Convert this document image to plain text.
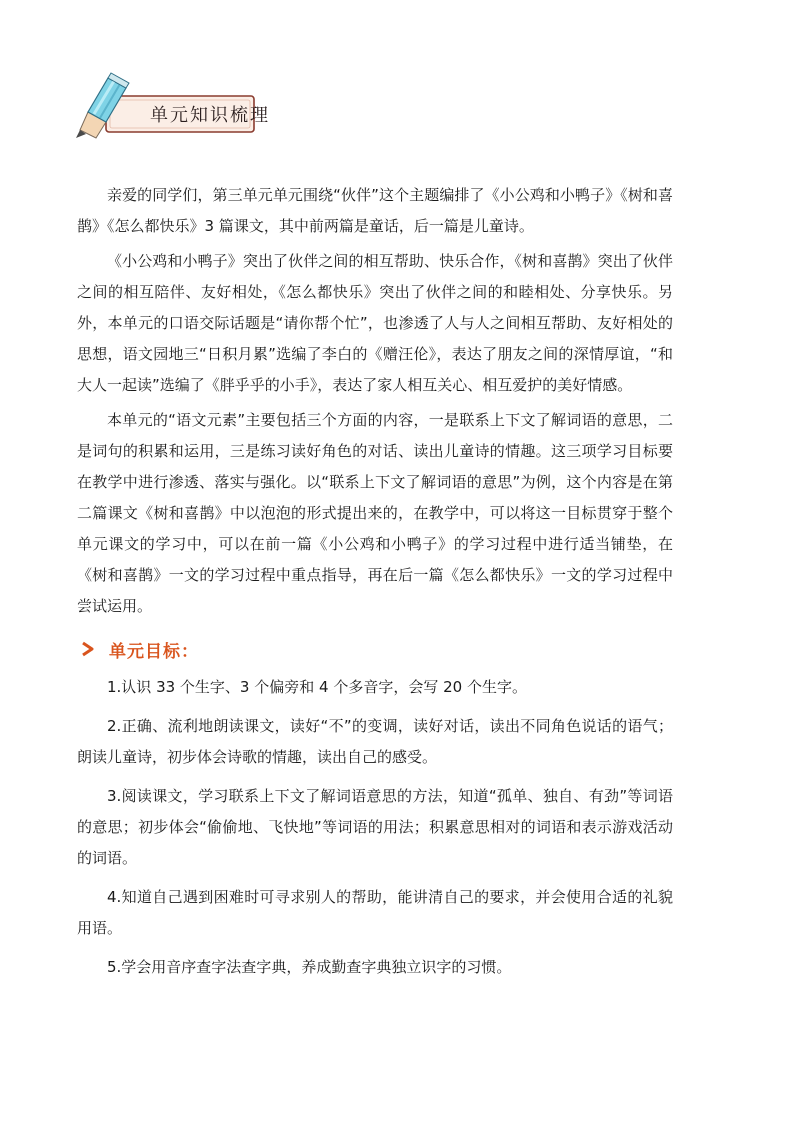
单元知识梳理

亲爱的同学们，第三单元单元围绕“伙伴”这个主题编排了《小公鸡和小鸭子》《树和喜鹊》《怎么都快乐》3 篇课文，其中前两篇是童话，后一篇是儿童诗。

《小公鸡和小鸭子》突出了伙伴之间的相互帮助、快乐合作，《树和喜鹊》突出了伙伴之间的相互陪伴、友好相处，《怎么都快乐》突出了伙伴之间的和睦相处、分享快乐。另外，本单元的口语交际话题是“请你帮个忙”，也渗透了人与人之间相互帮助、友好相处的思想，语文园地三“日积月累”选编了李白的《赠汪伦》，表达了朋友之间的深情厚谊，“和大人一起读”选编了《胖乎乎的小手》，表达了家人相互关心、相互爱护的美好情感。

本单元的“语文元素”主要包括三个方面的内容，一是联系上下文了解词语的意思，二是词句的积累和运用，三是练习读好角色的对话、读出儿童诗的情趣。这三项学习目标要在教学中进行渗透、落实与强化。以“联系上下文了解词语的意思”为例，这个内容是在第二篇课文《树和喜鹊》中以泡泡的形式提出来的，在教学中，可以将这一目标贯穿于整个单元课文的学习中，可以在前一篇《小公鸡和小鸭子》的学习过程中进行适当铺垫，在《树和喜鹊》一文的学习过程中重点指导，再在后一篇《怎么都快乐》一文的学习过程中尝试运用。

单元目标：

1.认识 33 个生字、3 个偏旁和 4 个多音字，会写 20 个生字。

2.正确、流利地朗读课文，读好“不”的变调，读好对话，读出不同角色说话的语气；朗读儿童诗，初步体会诗歌的情趣，读出自己的感受。

3.阅读课文，学习联系上下文了解词语意思的方法，知道“孤单、独自、有劲”等词语的意思；初步体会“偷偷地、飞快地”等词语的用法；积累意思相对的词语和表示游戏活动的词语。

4.知道自己遇到困难时可寻求别人的帮助，能讲清自己的要求，并会使用合适的礼貌用语。

5.学会用音序查字法查字典，养成勤查字典独立识字的习惯。
